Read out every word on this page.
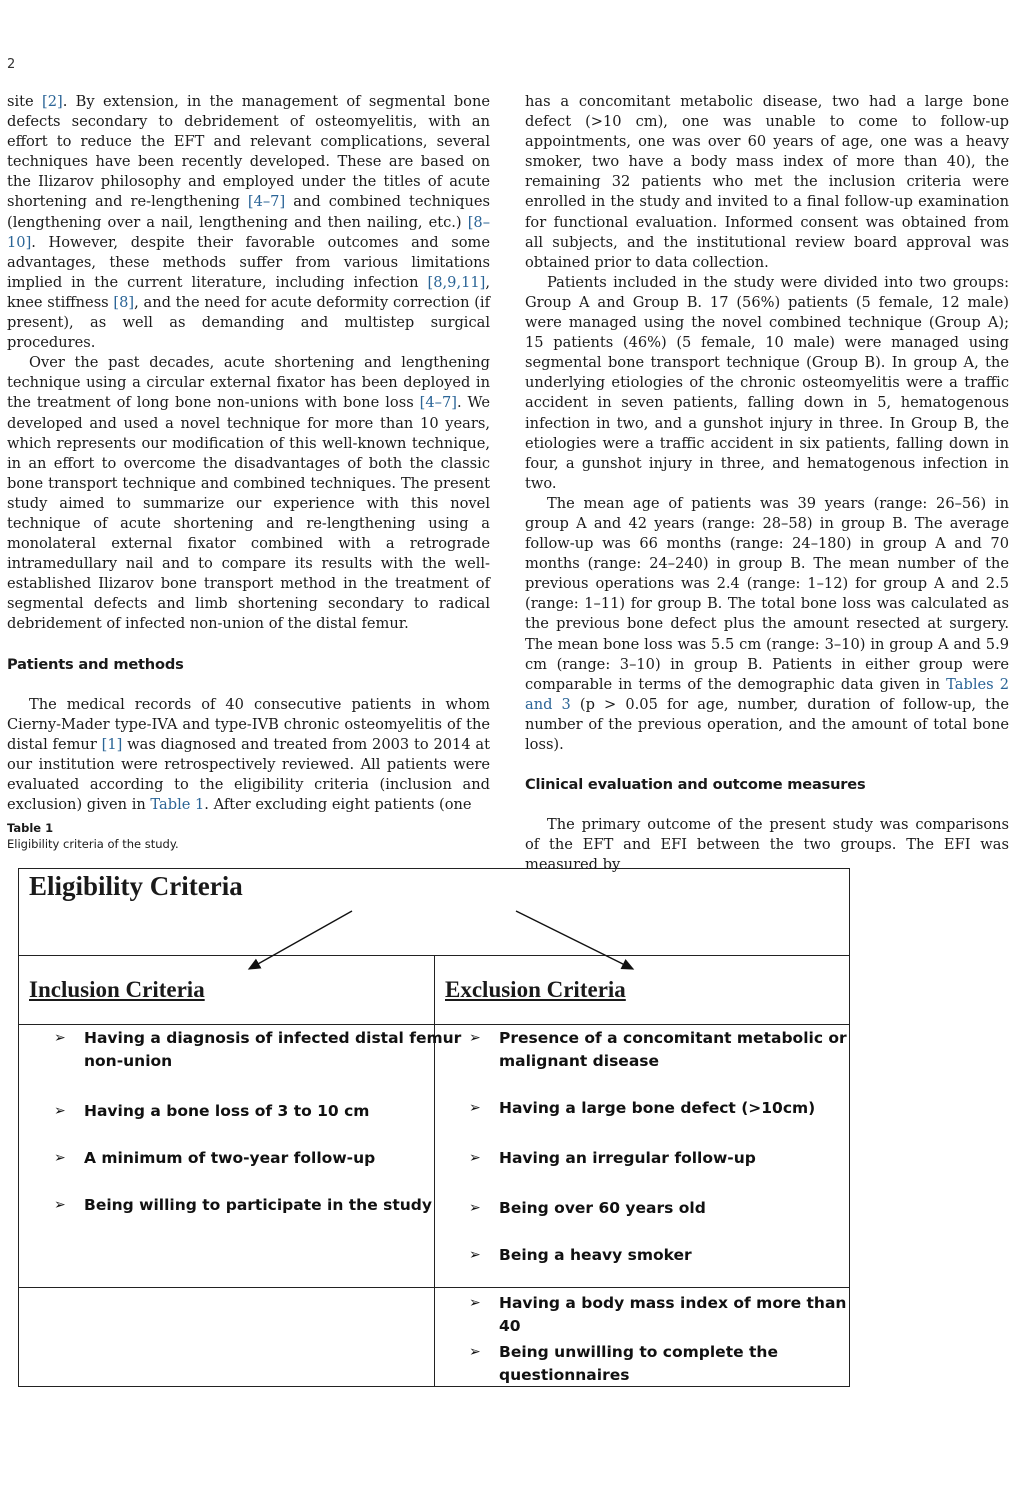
2

site [2]. By extension, in the management of segmental bone defects secondary to debridement of osteomyelitis, with an effort to reduce the EFT and relevant complications, several techniques have been recently developed. These are based on the Ilizarov philosophy and employed under the titles of acute shortening and re-lengthening [4–7] and combined techniques (lengthening over a nail, lengthening and then nailing, etc.) [8–10]. However, despite their favorable outcomes and some advantages, these methods suffer from various limitations implied in the current literature, including infection [8,9,11], knee stiffness [8], and the need for acute deformity correction (if present), as well as demanding and multistep surgical procedures.

Over the past decades, acute shortening and lengthening technique using a circular external fixator has been deployed in the treatment of long bone non-unions with bone loss [4–7]. We developed and used a novel technique for more than 10 years, which represents our modification of this well-known technique, in an effort to overcome the disadvantages of both the classic bone transport technique and combined techniques. The present study aimed to summarize our experience with this novel technique of acute shortening and re-lengthening using a monolateral external fixator combined with a retrograde intramedullary nail and to compare its results with the well-established Ilizarov bone transport method in the treatment of segmental defects and limb shortening secondary to radical debridement of infected non-union of the distal femur.

Patients and methods

The medical records of 40 consecutive patients in whom Cierny-Mader type-IVA and type-IVB chronic osteomyelitis of the distal femur [1] was diagnosed and treated from 2003 to 2014 at our institution were retrospectively reviewed. All patients were evaluated according to the eligibility criteria (inclusion and exclusion) given in Table 1. After excluding eight patients (one

has a concomitant metabolic disease, two had a large bone defect (>10 cm), one was unable to come to follow-up appointments, one was over 60 years of age, one was a heavy smoker, two have a body mass index of more than 40), the remaining 32 patients who met the inclusion criteria were enrolled in the study and invited to a final follow-up examination for functional evaluation. Informed consent was obtained from all subjects, and the institutional review board approval was obtained prior to data collection.

Patients included in the study were divided into two groups: Group A and Group B. 17 (56%) patients (5 female, 12 male) were managed using the novel combined technique (Group A); 15 patients (46%) (5 female, 10 male) were managed using segmental bone transport technique (Group B). In group A, the underlying etiologies of the chronic osteomyelitis were a traffic accident in seven patients, falling down in 5, hematogenous infection in two, and a gunshot injury in three. In Group B, the etiologies were a traffic accident in six patients, falling down in four, a gunshot injury in three, and hematogenous infection in two.

The mean age of patients was 39 years (range: 26–56) in group A and 42 years (range: 28–58) in group B. The average follow-up was 66 months (range: 24–180) in group A and 70 months (range: 24–240) in group B. The mean number of the previous operations was 2.4 (range: 1–12) for group A and 2.5 (range: 1–11) for group B. The total bone loss was calculated as the previous bone defect plus the amount resected at surgery. The mean bone loss was 5.5 cm (range: 3–10) in group A and 5.9 cm (range: 3–10) in group B. Patients in either group were comparable in terms of the demographic data given in Tables 2 and 3 (p > 0.05 for age, number, duration of follow-up, the number of the previous operation, and the amount of total bone loss).

Clinical evaluation and outcome measures

The primary outcome of the present study was comparisons of the EFT and EFI between the two groups. The EFI was measured by

Table 1
Eligibility criteria of the study.
Eligibility Criteria
Inclusion Criteria	Exclusion Criteria
➢ Having a diagnosis of infected distal femur
non-union
➢ Having a bone loss of 3 to 10 cm
➢ A minimum of two-year follow-up
➢ Being willing to participate in the study
➢ Presence of a concomitant metabolic or
malignant disease
➢ Having a large bone defect (>10cm)
➢ Having an irregular follow-up
➢ Being over 60 years old
➢ Being a heavy smoker
➢ Having a body mass index of more than 40
➢ Being unwilling to complete the
questionnaires
